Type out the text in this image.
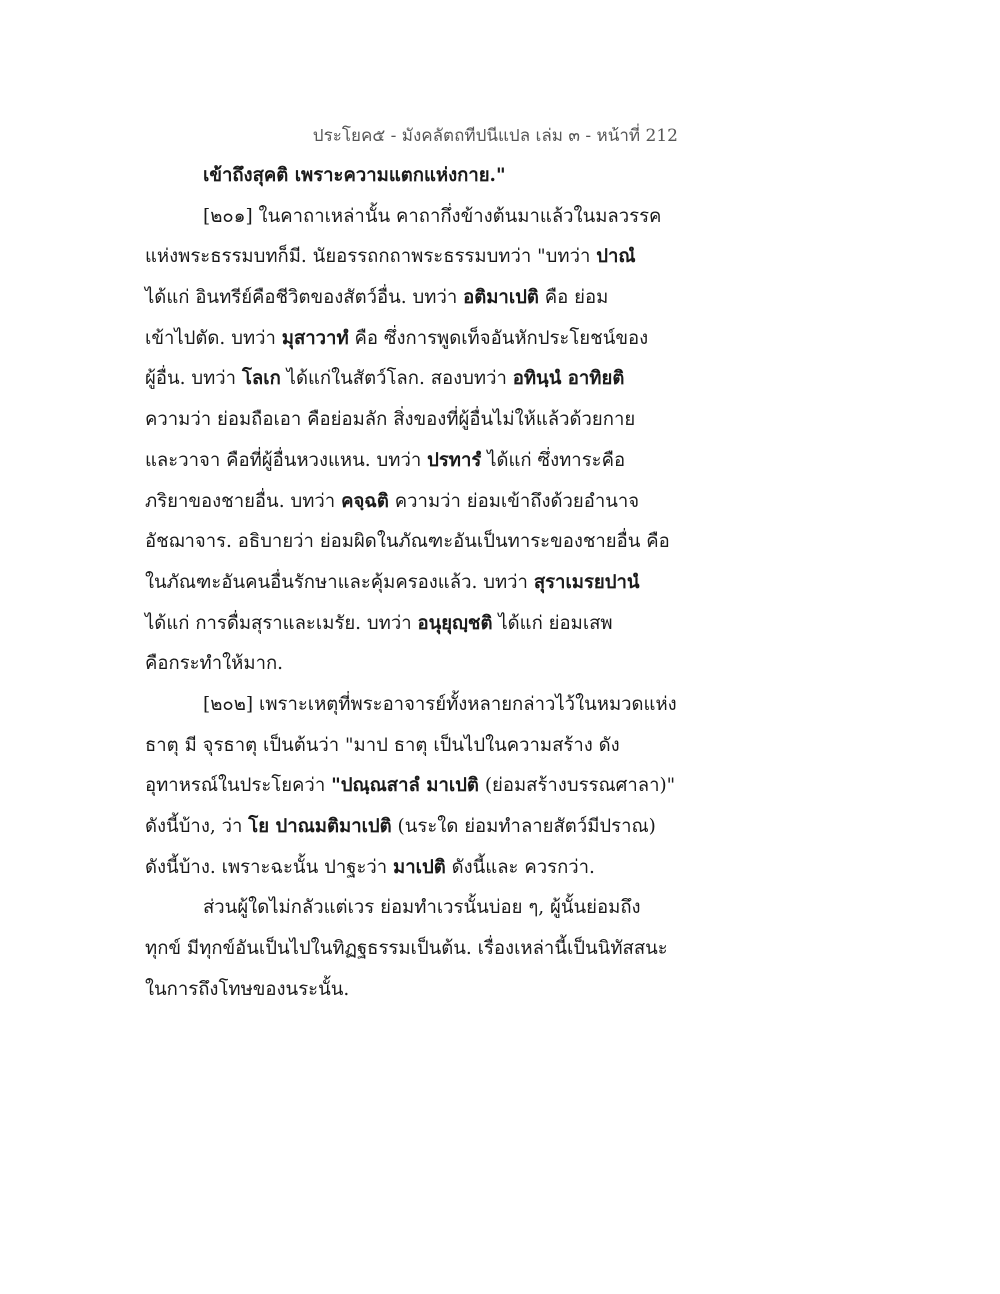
ประโยค๕ - มังคลัตถทีปนีแปล เล่ม ๓ - หน้าที่ 212
เข้าถึงสุคติ เพราะความแตกแห่งกาย."
[๒๐๑] ในคาถาเหล่านั้น คาถากึ่งข้างต้นมาแล้วในมลวรรค
แห่งพระธรรมบทก็มี. นัยอรรถกถาพระธรรมบทว่า "บทว่า ปาณํ
ได้แก่ อินทรีย์คือชีวิตของสัตว์อื่น. บทว่า อติมาเปติ คือ ย่อม
เข้าไปตัด. บทว่า มุสาวาทํ คือ ซึ่งการพูดเท็จอันหักประโยชน์ของ
ผู้อื่น. บทว่า โลเก ได้แก่ในสัตว์โลก. สองบทว่า อทินฺนํ อาทิยติ
ความว่า ย่อมถือเอา คือย่อมลัก สิ่งของที่ผู้อื่นไม่ให้แล้วด้วยกาย
และวาจา คือที่ผู้อื่นหวงแหน. บทว่า ปรทารํ ได้แก่ ซึ่งทาระคือ
ภริยาของชายอื่น. บทว่า คจฺฉติ ความว่า ย่อมเข้าถึงด้วยอำนาจ
อัชฌาจาร. อธิบายว่า ย่อมผิดในภัณฑะอันเป็นทาระของชายอื่น คือ
ในภัณฑะอันคนอื่นรักษาและคุ้มครองแล้ว. บทว่า สุราเมรยปานํ
ได้แก่ การดื่มสุราและเมรัย. บทว่า อนุยุญฺชติ ได้แก่ ย่อมเสพ
คือกระทำให้มาก.
[๒๐๒] เพราะเหตุที่พระอาจารย์ทั้งหลายกล่าวไว้ในหมวดแห่ง
ธาตุ มี จุรธาตุ เป็นต้นว่า "มาป ธาตุ เป็นไปในความสร้าง ดัง
อุทาหรณ์ในประโยคว่า "ปณฺณสาลํ มาเปติ (ย่อมสร้างบรรณศาลา)"
ดังนี้บ้าง, ว่า โย ปาณมติมาเปติ (นระใด ย่อมทำลายสัตว์มีปราณ)
ดังนี้บ้าง. เพราะฉะนั้น ปาฐะว่า มาเปติ ดังนี้และ ควรกว่า.
ส่วนผู้ใดไม่กลัวแต่เวร ย่อมทำเวรนั้นบ่อย ๆ, ผู้นั้นย่อมถึง
ทุกข์ มีทุกข์อันเป็นไปในทิฏฐธรรมเป็นต้น. เรื่องเหล่านี้เป็นนิทัสสนะ
ในการถึงโทษของนระนั้น.
